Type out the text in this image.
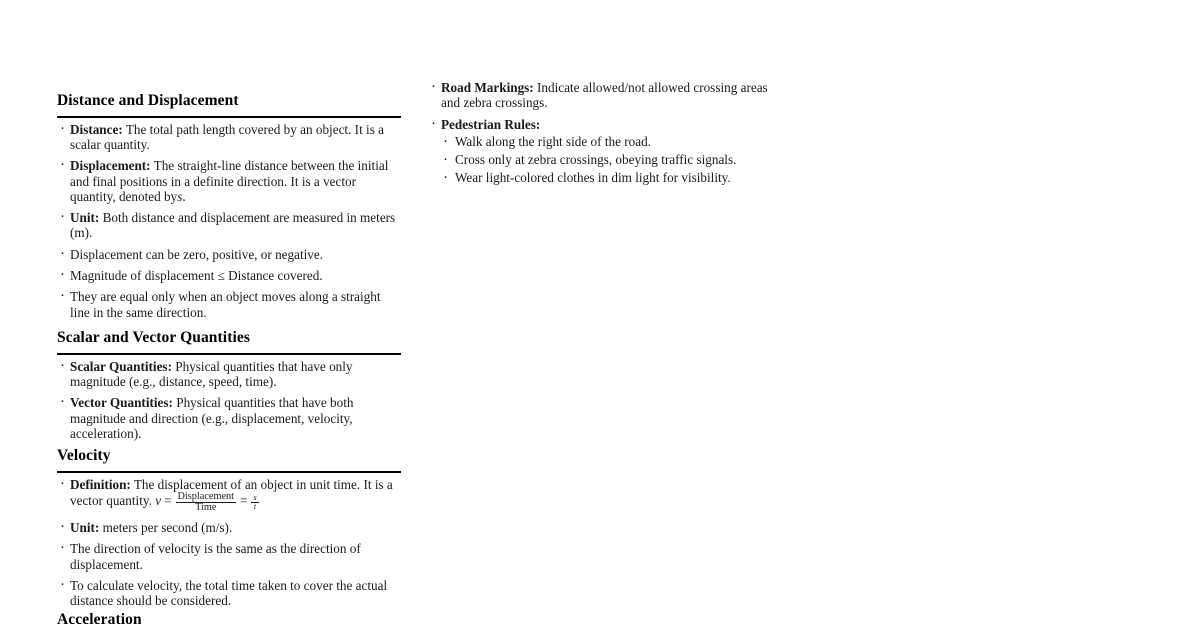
Distance and Displacement
· Distance: The total path length covered by an object. It is a scalar quantity.
· Displacement: The straight-line distance between the initial and final positions in a definite direction. It is a vector quantity, denoted bys.
· Unit: Both distance and displacement are measured in meters (m).
· Displacement can be zero, positive, or negative.
· Magnitude of displacement ≤ Distance covered.
· They are equal only when an object moves along a straight line in the same direction.
Scalar and Vector Quantities
· Scalar Quantities: Physical quantities that have only magnitude (e.g., distance, speed, time).
· Vector Quantities: Physical quantities that have both magnitude and direction (e.g., displacement, velocity, acceleration).
Velocity
· Definition: The displacement of an object in unit time. It is a vector quantity. $v = \frac{\text{Displacement}}{\text{Time}} = \frac{s}{t}$
· Unit: meters per second (m/s).
· The direction of velocity is the same as the direction of displacement.
· To calculate velocity, the total time taken to cover the actual distance should be considered.
Acceleration
· Road Markings: Indicate allowed/not allowed crossing areas and zebra crossings.
· Pedestrian Rules:
· Walk along the right side of the road.
· Cross only at zebra crossings, obeying traffic signals.
· Wear light-colored clothes in dim light for visibility.
